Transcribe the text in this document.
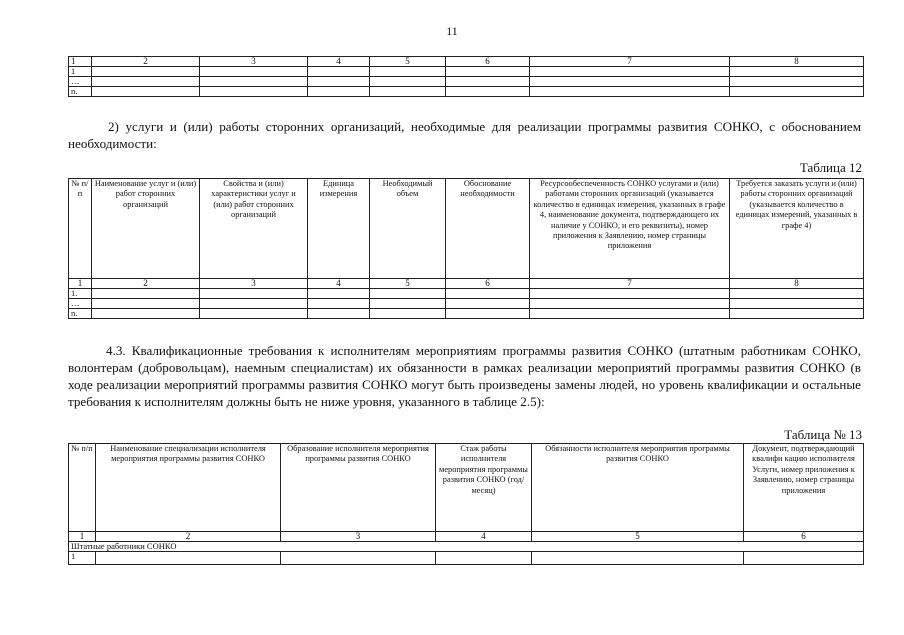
11
1	2	3	4	5	6	7	8
1							
…							
n.							
2) услуги и (или) работы сторонних организаций, необходимые для реализации программы развития СОНКО, с обоснованием необходимости:
Таблица 12
№ п/п	Наименование услуг и (или) работ сторонних организаций	Свойства и (или) характеристики услуг и (или) работ сторонних организаций	Единица измерения	Необходимый объем	Обоснование необходимости	Ресурсообеспеченность СОНКО услугами и (или) работами сторонних организаций (указывается количество в единицах измерения, указанных в графе 4, наименование документа, подтверждающего их наличие у СОНКО, и его реквизиты), номер приложения к Заявлению, номер страницы приложения	Требуется заказать услуги и (или) работы сторонних организаций (указывается количество в единицах измерений, указанных в графе 4)
1	2	3	4	5	6	7	8
1.							
…							
n.							
4.3. Квалификационные требования к исполнителям мероприятиям программы развития СОНКО (штатным работникам СОНКО, волонтерам (добровольцам), наемным специалистам) их обязанности в рамках реализации мероприятий программы развития СОНКО (в ходе реализации мероприятий программы развития СОНКО могут быть произведены замены людей, но уровень квалификации и остальные требования к исполнителям должны быть не ниже уровня, указанного в таблице 2.5):
Таблица № 13
№ п/п	Наименование специализации исполнителя мероприятия программы развития СОНКО	Образование исполнителя мероприятия программы развития СОНКО	Стаж работы исполнителя мероприятия программы развития СОНКО (год/месяц)	Обязанности исполнителя мероприятия программы развития СОНКО	Документ, подтверждающий квалифи кацию исполнителя Услуги, номер приложения к Заявлению, номер страницы приложения
1	2	3	4	5	6
Штатные работники СОНКО					
1					
